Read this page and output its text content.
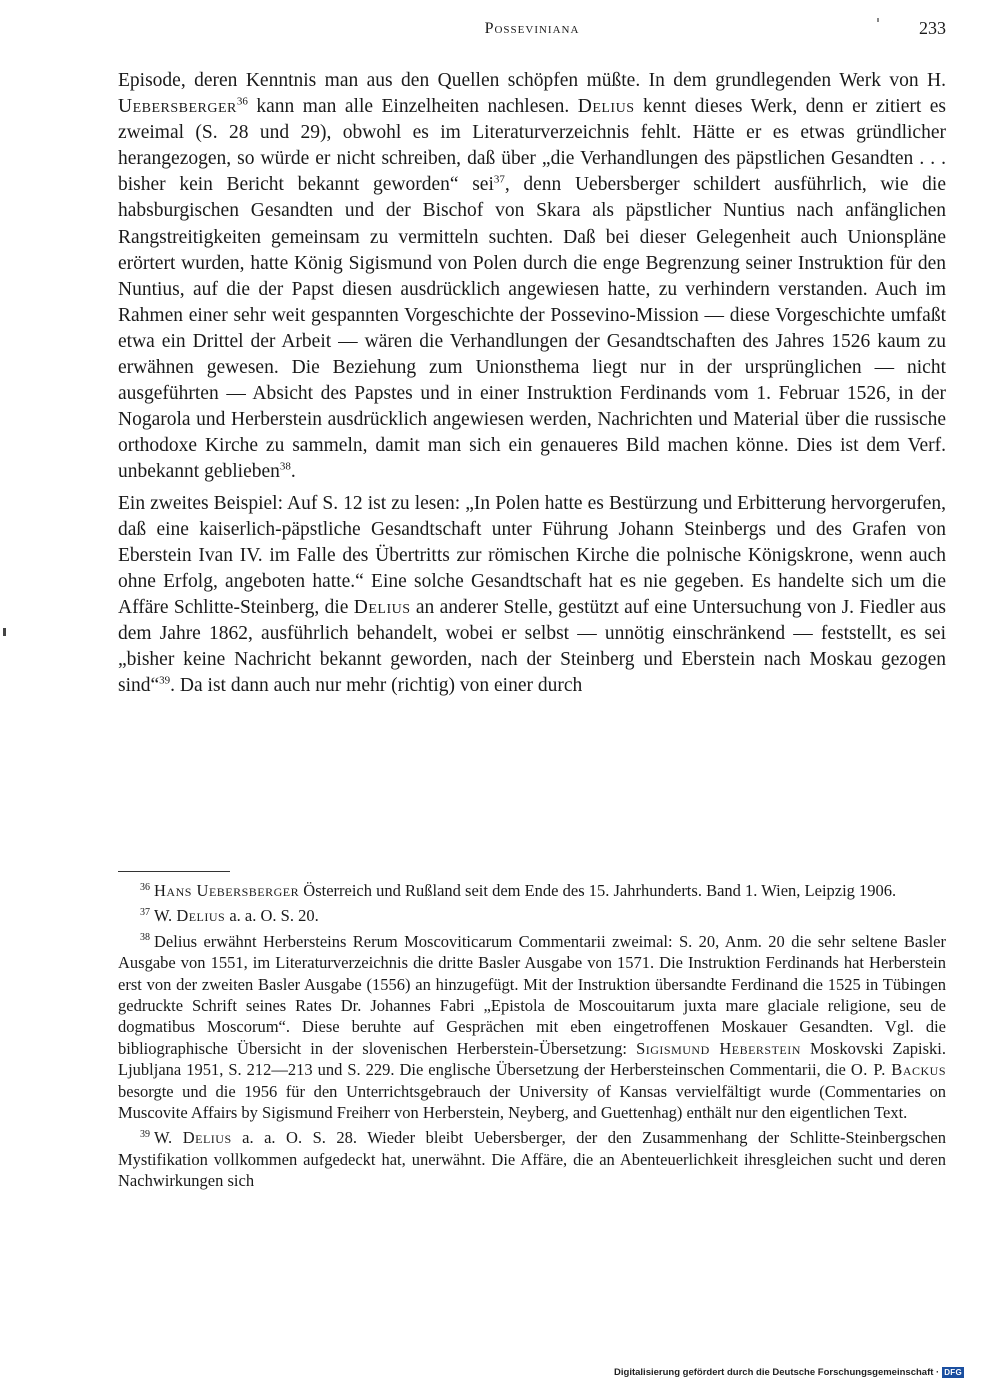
Posseviniana	233

Episode, deren Kenntnis man aus den Quellen schöpfen müßte. In dem grundlegenden Werk von H. Uebersberger$^{36}$ kann man alle Einzelheiten nachlesen. Delius kennt dieses Werk, denn er zitiert es zweimal (S. 28 und 29), obwohl es im Literaturverzeichnis fehlt. Hätte er es etwas gründlicher herangezogen, so würde er nicht schreiben, daß über „die Verhandlungen des päpstlichen Gesandten . . . bisher kein Bericht bekannt geworden“ sei$^{37}$, denn Uebersberger schildert ausführlich, wie die habsburgischen Gesandten und der Bischof von Skara als päpstlicher Nuntius nach anfänglichen Rangstreitigkeiten gemeinsam zu vermitteln suchten. Daß bei dieser Gelegenheit auch Unionspläne erörtert wurden, hatte König Sigismund von Polen durch die enge Begrenzung seiner Instruktion für den Nuntius, auf die der Papst diesen ausdrücklich angewiesen hatte, zu verhindern verstanden. Auch im Rahmen einer sehr weit gespannten Vorgeschichte der Possevino-Mission — diese Vorgeschichte umfaßt etwa ein Drittel der Arbeit — wären die Verhandlungen der Gesandtschaften des Jahres 1526 kaum zu erwähnen gewesen. Die Beziehung zum Unionsthema liegt nur in der ursprünglichen — nicht ausgeführten — Absicht des Papstes und in einer Instruktion Ferdinands vom 1. Februar 1526, in der Nogarola und Herberstein ausdrücklich angewiesen werden, Nachrichten und Material über die russische orthodoxe Kirche zu sammeln, damit man sich ein genaueres Bild machen könne. Dies ist dem Verf. unbekannt geblieben$^{38}$.

Ein zweites Beispiel: Auf S. 12 ist zu lesen: „In Polen hatte es Bestürzung und Erbitterung hervorgerufen, daß eine kaiserlich-päpstliche Gesandtschaft unter Führung Johann Steinbergs und des Grafen von Eberstein Ivan IV. im Falle des Übertritts zur römischen Kirche die polnische Königskrone, wenn auch ohne Erfolg, angeboten hatte.“ Eine solche Gesandtschaft hat es nie gegeben. Es handelte sich um die Affäre Schlitte-Steinberg, die Delius an anderer Stelle, gestützt auf eine Untersuchung von J. Fiedler aus dem Jahre 1862, ausführlich behandelt, wobei er selbst — unnötig einschränkend — feststellt, es sei „bisher keine Nachricht bekannt geworden, nach der Steinberg und Eberstein nach Moskau gezogen sind“$^{39}$. Da ist dann auch nur mehr (richtig) von einer durch

$^{36}$ Hans Uebersberger Österreich und Rußland seit dem Ende des 15. Jahrhunderts. Band 1. Wien, Leipzig 1906.

$^{37}$ W. Delius a. a. O. S. 20.

$^{38}$ Delius erwähnt Herbersteins Rerum Moscoviticarum Commentarii zweimal: S. 20, Anm. 20 die sehr seltene Basler Ausgabe von 1551, im Literaturverzeichnis die dritte Basler Ausgabe von 1571. Die Instruktion Ferdinands hat Herberstein erst von der zweiten Basler Ausgabe (1556) an hinzugefügt. Mit der Instruktion übersandte Ferdinand die 1525 in Tübingen gedruckte Schrift seines Rates Dr. Johannes Fabri „Epistola de Moscouitarum juxta mare glaciale religione, seu de dogmatibus Moscorum“. Diese beruhte auf Gesprächen mit eben eingetroffenen Moskauer Gesandten. Vgl. die bibliographische Übersicht in der slovenischen Herberstein-Übersetzung: Sigismund Heberstein Moskovski Zapiski. Ljubljana 1951, S. 212—213 und S. 229. Die englische Übersetzung der Herbersteinschen Commentarii, die O. P. Backus besorgte und die 1956 für den Unterrichtsgebrauch der University of Kansas vervielfältigt wurde (Commentaries on Muscovite Affairs by Sigismund Freiherr von Herberstein, Neyberg, and Guettenhag) enthält nur den eigentlichen Text.

$^{39}$ W. Delius a. a. O. S. 28. Wieder bleibt Uebersberger, der den Zusammenhang der Schlitte-Steinbergschen Mystifikation vollkommen aufgedeckt hat, unerwähnt. Die Affäre, die an Abenteuerlichkeit ihresgleichen sucht und deren Nachwirkungen sich

Digitalisierung gefördert durch die Deutsche Forschungsgemeinschaft · DFG
